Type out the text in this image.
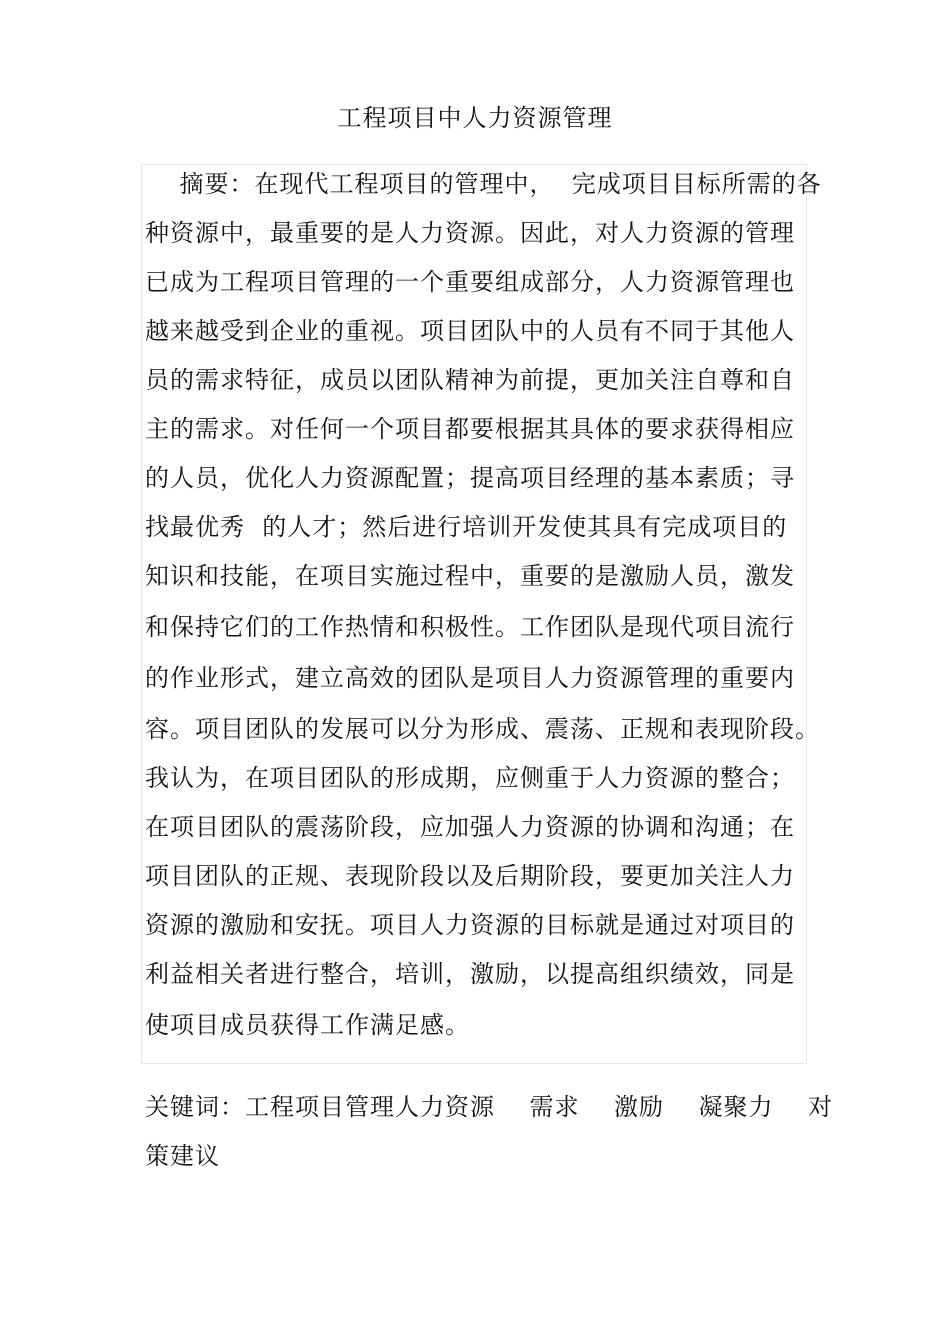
工程项目中人力资源管理
摘要：在现代工程项目的管理中，  完成项目目标所需的各
种资源中，最重要的是人力资源。因此，对人力资源的管理
已成为工程项目管理的一个重要组成部分，人力资源管理也
越来越受到企业的重视。项目团队中的人员有不同于其他人
员的需求特征，成员以团队精神为前提，更加关注自尊和自
主的需求。对任何一个项目都要根据其具体的要求获得相应
的人员，优化人力资源配置；提高项目经理的基本素质；寻
找最优秀  的人才；然后进行培训开发使其具有完成项目的
知识和技能，在项目实施过程中，重要的是激励人员，激发
和保持它们的工作热情和积极性。工作团队是现代项目流行
的作业形式，建立高效的团队是项目人力资源管理的重要内
容。项目团队的发展可以分为形成、震荡、正规和表现阶段。
我认为，在项目团队的形成期，应侧重于人力资源的整合；
在项目团队的震荡阶段，应加强人力资源的协调和沟通；在
项目团队的正规、表现阶段以及后期阶段，要更加关注人力
资源的激励和安抚。项目人力资源的目标就是通过对项目的
利益相关者进行整合，培训，激励，以提高组织绩效，同是
使项目成员获得工作满足感。
关键词：工程项目管理人力资源    需求    激励    凝聚力    对
策建议
